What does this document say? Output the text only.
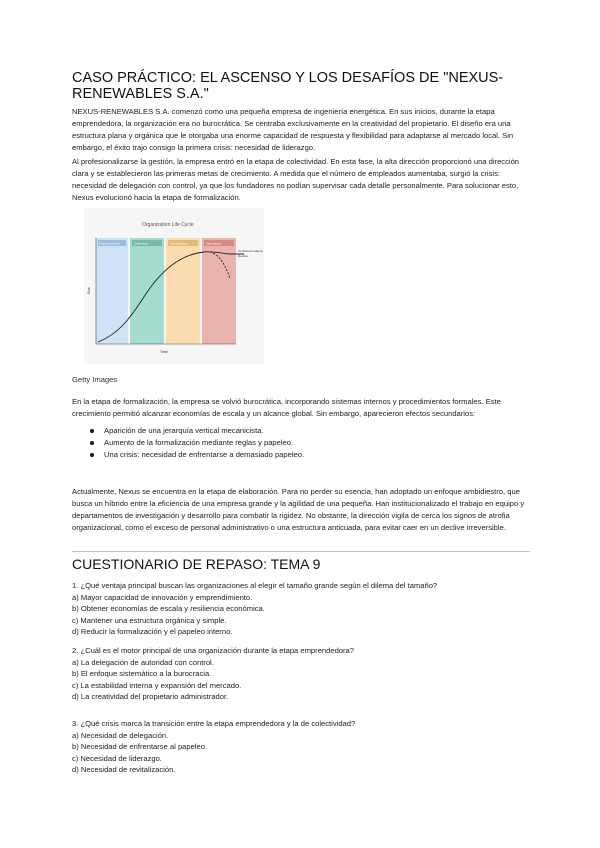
CASO PRÁCTICO: EL ASCENSO Y LOS DESAFÍOS DE "NEXUS-RENEWABLES S.A."

NEXUS-RENEWABLES S.A. comenzó como una pequeña empresa de ingeniería energética. En sus inicios, durante la etapa emprendedora, la organización era no burocrática. Se centraba exclusivamente en la creatividad del propietario. El diseño era una estructura plana y orgánica que le otorgaba una enorme capacidad de respuesta y flexibilidad para adaptarse al mercado local. Sin embargo, el éxito trajo consigo la primera crisis: necesidad de liderazgo.

Al profesionalizarse la gestión, la empresa entró en la etapa de colectividad. En esta fase, la alta dirección proporcionó una dirección clara y se establecieron las primeras metas de crecimiento. A medida que el número de empleados aumentaba, surgió la crisis: necesidad de delegación con control, ya que los fundadores no podían supervisar cada detalle personalmente. Para solucionar esto, Nexus evolucionó hacia la etapa de formalización.

Organization Life Cycle
Entrepreneurial	Collectivity	Formalization	Elaboration
Continued maturity
Decline
Size
Time
Getty Images

En la etapa de formalización, la empresa se volvió burocrática, incorporando sistemas internos y procedimientos formales. Este crecimiento permitió alcanzar economías de escala y un alcance global. Sin embargo, aparecieron efectos secundarios:

Aparición de una jerarquía vertical mecanicista.
Aumento de la formalización mediante reglas y papeleo.
Una crisis: necesidad de enfrentarse a demasiado papeleo.

Actualmente, Nexus se encuentra en la etapa de elaboración. Para no perder su esencia, han adoptado un enfoque ambidiestro, que busca un híbrido entre la eficiencia de una empresa grande y la agilidad de una pequeña. Han institucionalizado el trabajo en equipo y departamentos de investigación y desarrollo para combatir la rigidez. No obstante, la dirección vigila de cerca los signos de atrofia organizacional, como el exceso de personal administrativo o una estructura anticuada, para evitar caer en un declive irreversible.

CUESTIONARIO DE REPASO: TEMA 9
1. ¿Qué ventaja principal buscan las organizaciones al elegir el tamaño grande según el dilema del tamaño?
a) Mayor capacidad de innovación y emprendimiento.
b) Obtener economías de escala y resiliencia económica.
c) Mantener una estructura orgánica y simple.
d) Reducir la formalización y el papeleo interno.
2. ¿Cuál es el motor principal de una organización durante la etapa emprendedora?
a) La delegación de autoridad con control.
b) El enfoque sistemático a la burocracia.
c) La estabilidad interna y expansión del mercado.
d) La creatividad del propietario administrador.
3. ¿Qué crisis marca la transición entre la etapa emprendedora y la de colectividad?
a) Necesidad de delegación.
b) Necesidad de enfrentarse al papeleo.
c) Necesidad de liderazgo.
d) Necesidad de revitalización.
